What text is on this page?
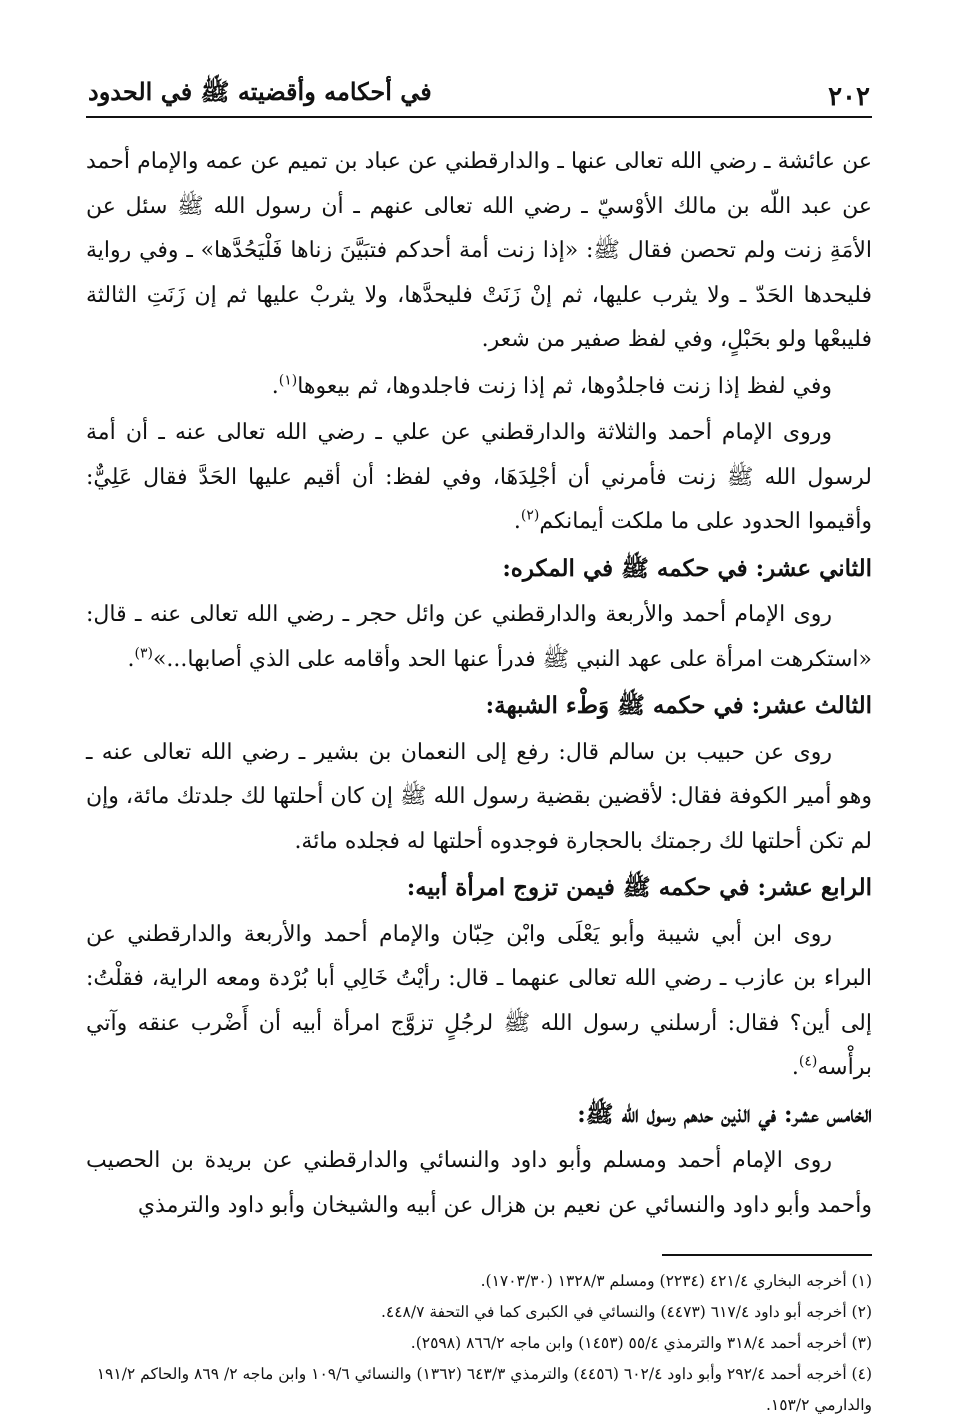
٢٠٢
في أحكامه وأقضيته ﷺ في الحدود

عن عائشة ـ رضي الله تعالى عنها ـ والدارقطني عن عباد بن تميم عن عمه والإمام أحمد عن عبد اللّه بن مالك الأوْسيّ ـ رضي الله تعالى عنهم ـ أن رسول الله ﷺ سئل عن الأمَةِ زنت ولم تحصن فقال ﷺ: «إذا زنت أمة أحدكم فتبَيَّنَ زناها فَلْيَحُدَّها» ـ وفي رواية فليحدها الحَدّ ـ ولا يثرب عليها، ثم إنْ زَنَتْ فليحدَّها، ولا يثربْ عليها ثم إن زَنَتِ الثالثة فليبعْها ولو بحَبْلٍ، وفي لفظ صفير من شعر.

وفي لفظ إذا زنت فاجلدُوها، ثم إذا زنت فاجلدوها، ثم بيعوها$^{(١)}$.

وروى الإمام أحمد والثلاثة والدارقطني عن علي ـ رضي الله تعالى عنه ـ أن أمة لرسول الله ﷺ زنت فأمرني أن أجْلِدَهَا، وفي لفظ: أن أقيم عليها الحَدَّ فقال عَلِيٌّ: وأقيموا الحدود على ما ملكت أيمانكم$^{(٢)}$.

الثاني عشر: في حكمه ﷺ في المكره:

روى الإمام أحمد والأربعة والدارقطني عن وائل حجر ـ رضي الله تعالى عنه ـ قال: «استكرهت امرأة على عهد النبي ﷺ فدرأ عنها الحد وأقامه على الذي أصابها...»$^{(٣)}$.

الثالث عشر: في حكمه ﷺ وَطْء الشبهة:

روى عن حبيب بن سالم قال: رفع إلى النعمان بن بشير ـ رضي الله تعالى عنه ـ وهو أمير الكوفة فقال: لأقضين بقضية رسول الله ﷺ إن كان أحلتها لك جلدتك مائة، وإن لم تكن أحلتها لك رجمتك بالحجارة فوجدوه أحلتها له فجلده مائة.

الرابع عشر: في حكمه ﷺ فيمن تزوج امرأة أبيه:

روى ابن أبي شيبة وأبو يَعْلَى وابْن حِبّان والإمام أحمد والأربعة والدارقطني عن البراء بن عازب ـ رضي الله تعالى عنهما ـ قال: رأيْتُ خَالِي أبا بُرْدة ومعه الراية، فقلْتُ: إلى أين؟ فقال: أرسلني رسول الله ﷺ لرجُلٍ تزوَّج امرأة أبيه أن أَضْرب عنقه وآتي برأْسه$^{(٤)}$.

الخامس عشر: في الذين حدهم رسول الله ﷺ:

روى الإمام أحمد ومسلم وأبو داود والنسائي والدارقطني عن بريدة بن الحصيب وأحمد وأبو داود والنسائي عن نعيم بن هزال عن أبيه والشيخان وأبو داود والترمذي

(١) أخرجه البخاري ٤٢١/٤ (٢٢٣٤) ومسلم ١٣٢٨/٣ (١٧٠٣/٣٠).

(٢) أخرجه أبو داود ٦١٧/٤ (٤٤٧٣) والنسائي في الكبرى كما في التحفة ٤٤٨/٧.

(٣) أخرجه أحمد ٣١٨/٤ والترمذي ٥٥/٤ (١٤٥٣) وابن ماجه ٨٦٦/٢ (٢٥٩٨).

(٤) أخرجه أحمد ٢٩٢/٤ وأبو داود ٦٠٢/٤ (٤٤٥٦) والترمذي ٦٤٣/٣ (١٣٦٢) والنسائي ١٠٩/٦ وابن ماجه ٢/ ٨٦٩ والحاكم ١٩١/٢ والدارمي ١٥٣/٢.
